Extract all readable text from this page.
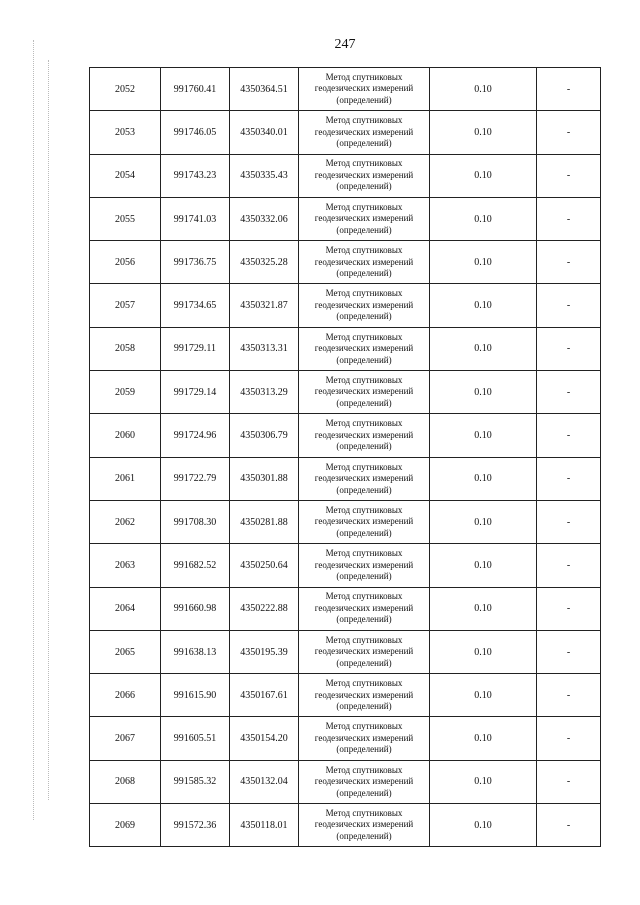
247
2052	991760.41	4350364.51	Метод спутниковых
геодезических измерений
(определений)	0.10	-
2053	991746.05	4350340.01	Метод спутниковых
геодезических измерений
(определений)	0.10	-
2054	991743.23	4350335.43	Метод спутниковых
геодезических измерений
(определений)	0.10	-
2055	991741.03	4350332.06	Метод спутниковых
геодезических измерений
(определений)	0.10	-
2056	991736.75	4350325.28	Метод спутниковых
геодезических измерений
(определений)	0.10	-
2057	991734.65	4350321.87	Метод спутниковых
геодезических измерений
(определений)	0.10	-
2058	991729.11	4350313.31	Метод спутниковых
геодезических измерений
(определений)	0.10	-
2059	991729.14	4350313.29	Метод спутниковых
геодезических измерений
(определений)	0.10	-
2060	991724.96	4350306.79	Метод спутниковых
геодезических измерений
(определений)	0.10	-
2061	991722.79	4350301.88	Метод спутниковых
геодезических измерений
(определений)	0.10	-
2062	991708.30	4350281.88	Метод спутниковых
геодезических измерений
(определений)	0.10	-
2063	991682.52	4350250.64	Метод спутниковых
геодезических измерений
(определений)	0.10	-
2064	991660.98	4350222.88	Метод спутниковых
геодезических измерений
(определений)	0.10	-
2065	991638.13	4350195.39	Метод спутниковых
геодезических измерений
(определений)	0.10	-
2066	991615.90	4350167.61	Метод спутниковых
геодезических измерений
(определений)	0.10	-
2067	991605.51	4350154.20	Метод спутниковых
геодезических измерений
(определений)	0.10	-
2068	991585.32	4350132.04	Метод спутниковых
геодезических измерений
(определений)	0.10	-
2069	991572.36	4350118.01	Метод спутниковых
геодезических измерений
(определений)	0.10	-
